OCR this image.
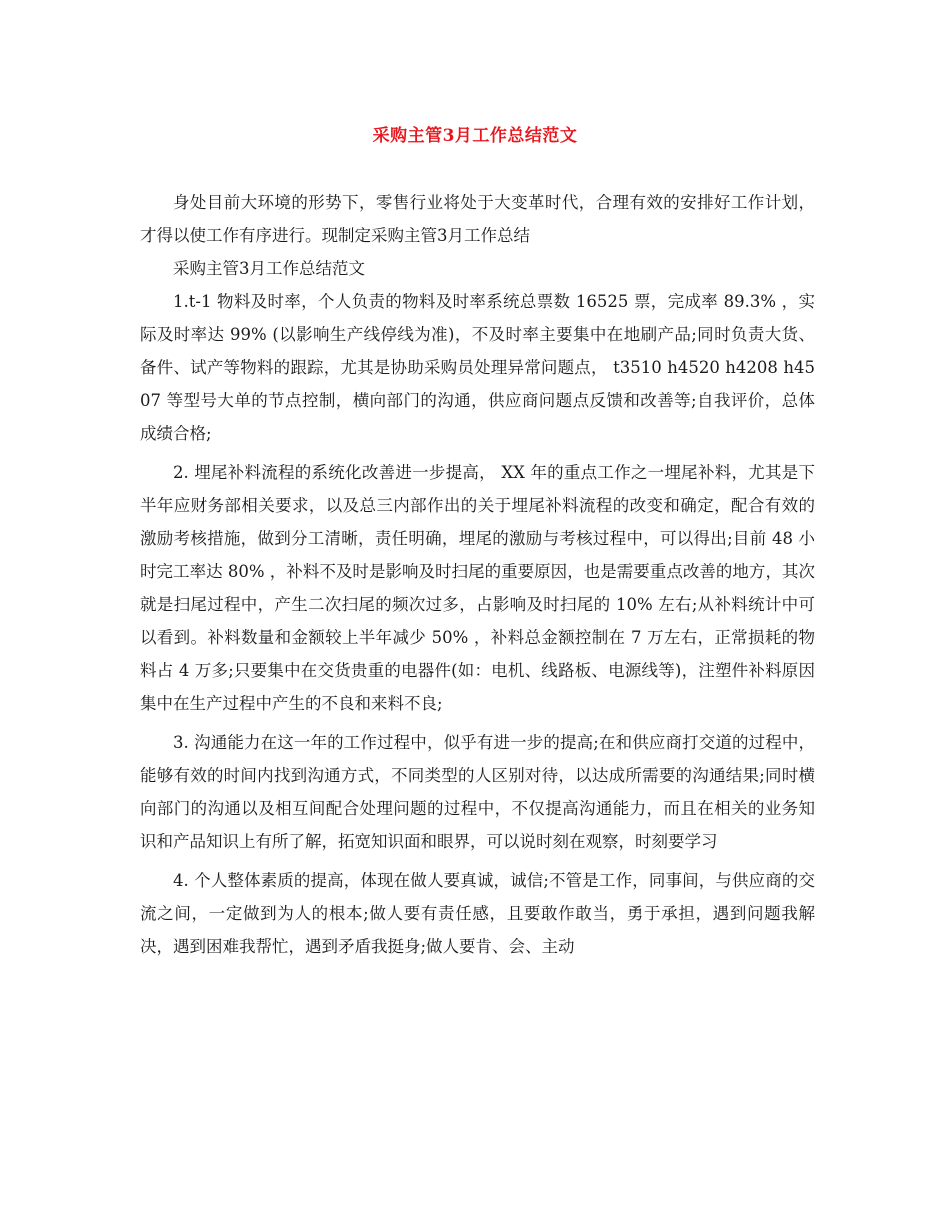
采购主管3月工作总结范文

身处目前大环境的形势下，零售行业将处于大变革时代，合理有效的安排好工作计划，才得以使工作有序进行。现制定采购主管3月工作总结

采购主管3月工作总结范文

1.t-1 物料及时率，个人负责的物料及时率系统总票数 16525 票，完成率 89.3% ，实际及时率达 99% (以影响生产线停线为准)，不及时率主要集中在地刷产品;同时负责大货、备件、试产等物料的跟踪，尤其是协助采购员处理异常问题点， t3510 h4520 h4208 h4507 等型号大单的节点控制，横向部门的沟通，供应商问题点反馈和改善等;自我评价，总体成绩合格;

2. 埋尾补料流程的系统化改善进一步提高， XX 年的重点工作之一埋尾补料，尤其是下半年应财务部相关要求，以及总三内部作出的关于埋尾补料流程的改变和确定，配合有效的激励考核措施，做到分工清晰，责任明确，埋尾的激励与考核过程中，可以得出;目前 48 小时完工率达 80% ，补料不及时是影响及时扫尾的重要原因，也是需要重点改善的地方，其次就是扫尾过程中，产生二次扫尾的频次过多，占影响及时扫尾的 10% 左右;从补料统计中可以看到。补料数量和金额较上半年减少 50% ，补料总金额控制在 7 万左右，正常损耗的物料占 4 万多;只要集中在交货贵重的电器件(如：电机、线路板、电源线等)，注塑件补料原因集中在生产过程中产生的不良和来料不良;

3. 沟通能力在这一年的工作过程中，似乎有进一步的提高;在和供应商打交道的过程中，能够有效的时间内找到沟通方式，不同类型的人区别对待，以达成所需要的沟通结果;同时横向部门的沟通以及相互间配合处理问题的过程中，不仅提高沟通能力，而且在相关的业务知识和产品知识上有所了解，拓宽知识面和眼界，可以说时刻在观察，时刻要学习

4. 个人整体素质的提高，体现在做人要真诚，诚信;不管是工作，同事间，与供应商的交流之间，一定做到为人的根本;做人要有责任感，且要敢作敢当，勇于承担，遇到问题我解决，遇到困难我帮忙，遇到矛盾我挺身;做人要肯、会、主动
